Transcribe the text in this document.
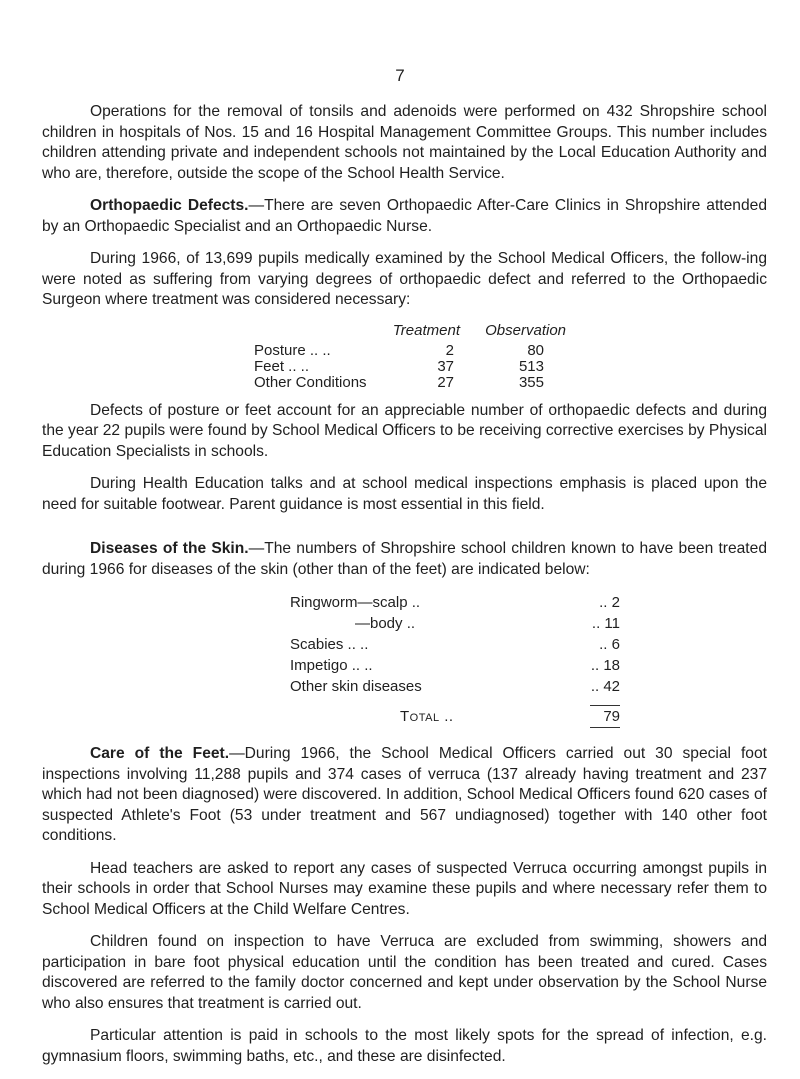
7

Operations for the removal of tonsils and adenoids were performed on 432 Shropshire school children in hospitals of Nos. 15 and 16 Hospital Management Committee Groups. This number includes children attending private and independent schools not maintained by the Local Education Authority and who are, therefore, outside the scope of the School Health Service.

Orthopaedic Defects.—There are seven Orthopaedic After-Care Clinics in Shropshire attended by an Orthopaedic Specialist and an Orthopaedic Nurse.

During 1966, of 13,699 pupils medically examined by the School Medical Officers, the follow-ing were noted as suffering from varying degrees of orthopaedic defect and referred to the Orthopaedic Surgeon where treatment was considered necessary:

	Treatment	Observation
Posture .. ..	2	80
Feet .. ..	37	513
Other Conditions	27	355

Defects of posture or feet account for an appreciable number of orthopaedic defects and during the year 22 pupils were found by School Medical Officers to be receiving corrective exercises by Physical Education Specialists in schools.

During Health Education talks and at school medical inspections emphasis is placed upon the need for suitable footwear. Parent guidance is most essential in this field.

Diseases of the Skin.—The numbers of Shropshire school children known to have been treated during 1966 for diseases of the skin (other than of the feet) are indicated below:

Ringworm—scalp ..	.. 2
—body ..	.. 11
Scabies .. ..	.. 6
Impetigo .. ..	.. 18
Other skin diseases	.. 42

Total ..	79

Care of the Feet.—During 1966, the School Medical Officers carried out 30 special foot inspections involving 11,288 pupils and 374 cases of verruca (137 already having treatment and 237 which had not been diagnosed) were discovered. In addition, School Medical Officers found 620 cases of suspected Athlete's Foot (53 under treatment and 567 undiagnosed) together with 140 other foot conditions.

Head teachers are asked to report any cases of suspected Verruca occurring amongst pupils in their schools in order that School Nurses may examine these pupils and where necessary refer them to School Medical Officers at the Child Welfare Centres.

Children found on inspection to have Verruca are excluded from swimming, showers and participation in bare foot physical education until the condition has been treated and cured. Cases discovered are referred to the family doctor concerned and kept under observation by the School Nurse who also ensures that treatment is carried out.

Particular attention is paid in schools to the most likely spots for the spread of infection, e.g. gymnasium floors, swimming baths, etc., and these are disinfected.
